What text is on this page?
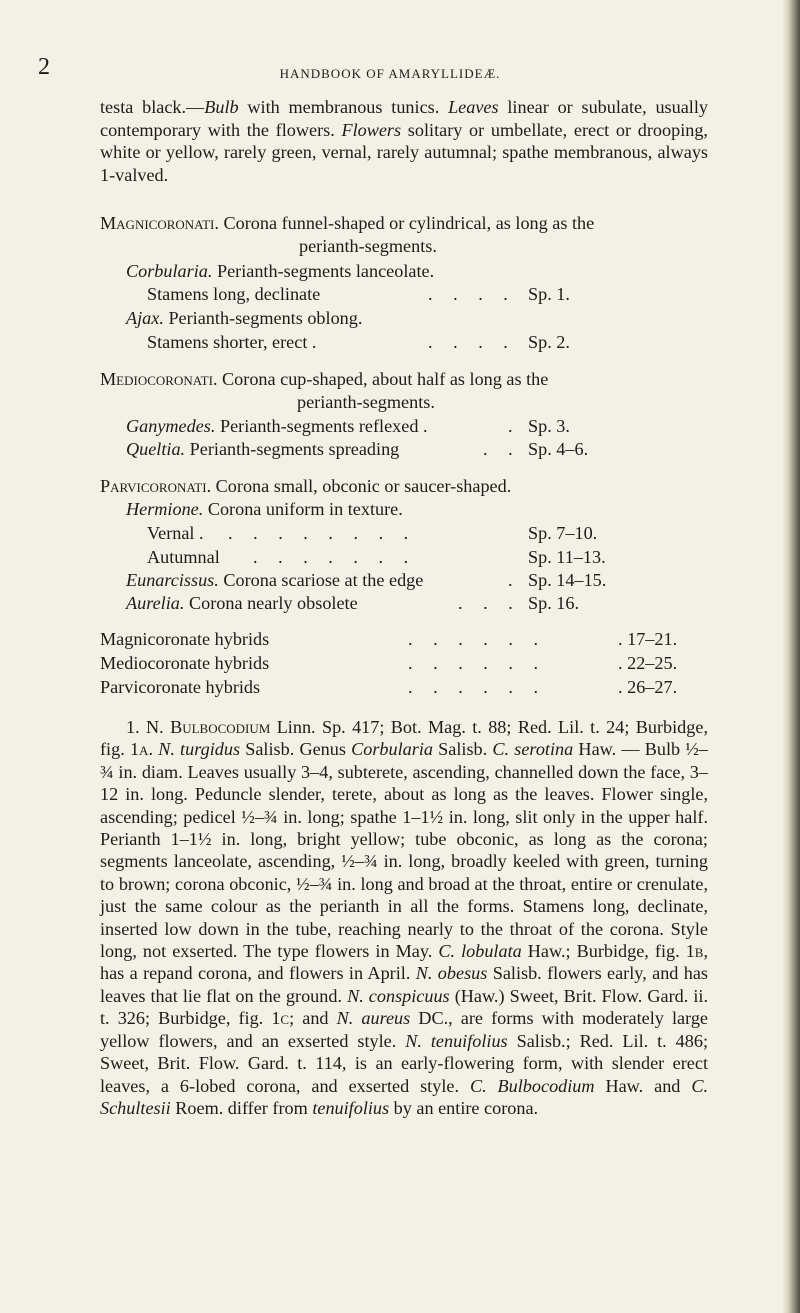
2	HANDBOOK OF AMARYLLIDEÆ.

testa black.—Bulb with membranous tunics. Leaves linear or subulate, usually contemporary with the flowers. Flowers solitary or umbellate, erect or drooping, white or yellow, rarely green, vernal, rarely autumnal; spathe membranous, always 1-valved.

Magnicoronati. Corona funnel-shaped or cylindrical, as long as the
perianth-segments.
Corbularia. Perianth-segments lanceolate.
Stamens long, declinate	. . . . Sp. 1.
Ajax. Perianth-segments oblong.
Stamens shorter, erect .	. . . . Sp. 2.
Mediocoronati. Corona cup-shaped, about half as long as the
perianth-segments.
Ganymedes. Perianth-segments reflexed .	. Sp. 3.
Queltia. Perianth-segments spreading	. . Sp. 4–6.
Parvicoronati. Corona small, obconic or saucer-shaped.
Hermione. Corona uniform in texture.
Vernal . . . . . . . . .	Sp. 7–10.
Autumnal . . . . . . .	Sp. 11–13.
Eunarcissus. Corona scariose at the edge	. Sp. 14–15.
Aurelia. Corona nearly obsolete	. . . Sp. 16.
Magnicoronate hybrids	. . . . . .	. 17–21.
Mediocoronate hybrids	. . . . . .	. 22–25.
Parvicoronate hybrids	. . . . . .	. 26–27.

1. N. Bulbocodium Linn. Sp. 417; Bot. Mag. t. 88; Red. Lil. t. 24; Burbidge, fig. 1a. N. turgidus Salisb. Genus Corbularia Salisb. C. serotina Haw. — Bulb ½–¾ in. diam. Leaves usually 3–4, subterete, ascending, channelled down the face, 3–12 in. long. Peduncle slender, terete, about as long as the leaves. Flower single, ascending; pedicel ½–¾ in. long; spathe 1–1½ in. long, slit only in the upper half. Perianth 1–1½ in. long, bright yellow; tube obconic, as long as the corona; segments lanceolate, ascending, ½–¾ in. long, broadly keeled with green, turning to brown; corona obconic, ½–¾ in. long and broad at the throat, entire or crenulate, just the same colour as the perianth in all the forms. Stamens long, declinate, inserted low down in the tube, reaching nearly to the throat of the corona. Style long, not exserted. The type flowers in May. C. lobulata Haw.; Burbidge, fig. 1b, has a repand corona, and flowers in April. N. obesus Salisb. flowers early, and has leaves that lie flat on the ground. N. conspicuus (Haw.) Sweet, Brit. Flow. Gard. ii. t. 326; Burbidge, fig. 1c; and N. aureus DC., are forms with moderately large yellow flowers, and an exserted style. N. tenuifolius Salisb.; Red. Lil. t. 486; Sweet, Brit. Flow. Gard. t. 114, is an early-flowering form, with slender erect leaves, a 6-lobed corona, and exserted style. C. Bulbocodium Haw. and C. Schultesii Roem. differ from tenuifolius by an entire corona.
